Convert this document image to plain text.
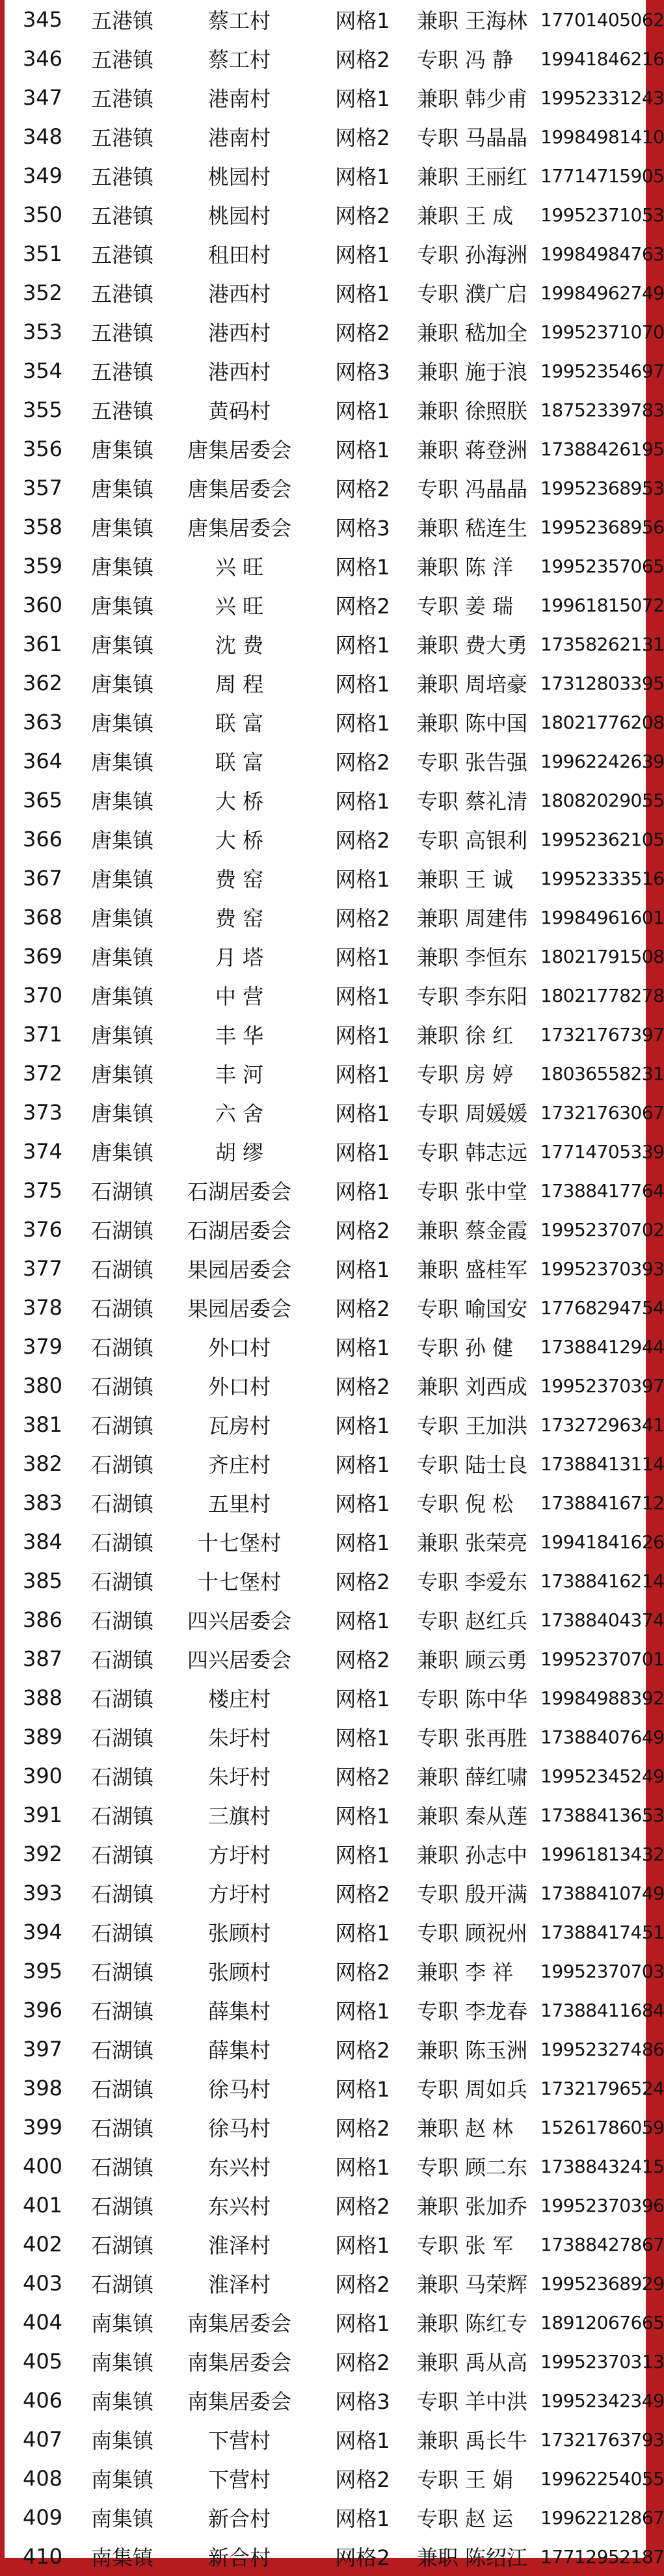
345	五港镇	蔡工村	网格1	兼职 王海林 17701405062
346	五港镇	蔡工村	网格2	专职 冯 静	19941846216
347	五港镇	港南村	网格1	兼职 韩少甫 19952331243
348	五港镇	港南村	网格2	专职 马晶晶 19984981410
349	五港镇	桃园村	网格1	兼职 王丽红 17714715905
350	五港镇	桃园村	网格2	兼职 王 成	19952371053
351	五港镇	租田村	网格1	专职 孙海洲 19984984763
352	五港镇	港西村	网格1	专职 濮广启 19984962749
353	五港镇	港西村	网格2	兼职 嵇加全 19952371070
354	五港镇	港西村	网格3	兼职 施于浪 19952354697
355	五港镇	黄码村	网格1	兼职 徐照朕 18752339783
356	唐集镇	唐集居委会	网格1	兼职 蒋登洲 17388426195
357	唐集镇	唐集居委会	网格2	专职 冯晶晶 19952368953
358	唐集镇	唐集居委会	网格3	兼职 嵇连生 19952368956
359	唐集镇	兴 旺	网格1	兼职 陈 洋	19952357065
360	唐集镇	兴 旺	网格2	专职 姜 瑞	19961815072
361	唐集镇	沈 费	网格1	兼职 费大勇 17358262131
362	唐集镇	周 程	网格1	兼职 周培豪 17312803395
363	唐集镇	联 富	网格1	兼职 陈中国 18021776208
364	唐集镇	联 富	网格2	专职 张告强 19962242639
365	唐集镇	大 桥	网格1	专职 蔡礼清 18082029055
366	唐集镇	大 桥	网格2	专职 高银利 19952362105
367	唐集镇	费 窑	网格1	兼职 王 诚	19952333516
368	唐集镇	费 窑	网格2	兼职 周建伟 19984961601
369	唐集镇	月 塔	网格1	兼职 李恒东 18021791508
370	唐集镇	中 营	网格1	专职 李东阳 18021778278
371	唐集镇	丰 华	网格1	兼职 徐 红	17321767397
372	唐集镇	丰 河	网格1	专职 房 婷	18036558231
373	唐集镇	六 舍	网格1	专职 周媛媛 17321763067
374	唐集镇	胡 缪	网格1	专职 韩志远 17714705339
375	石湖镇	石湖居委会	网格1	专职 张中堂 17388417764
376	石湖镇	石湖居委会	网格2	兼职 蔡金霞 19952370702
377	石湖镇	果园居委会	网格1	兼职 盛桂军 19952370393
378	石湖镇	果园居委会	网格2	专职 喻国安 17768294754
379	石湖镇	外口村	网格1	专职 孙 健	17388412944
380	石湖镇	外口村	网格2	兼职 刘西成 19952370397
381	石湖镇	瓦房村	网格1	专职 王加洪 17327296341
382	石湖镇	齐庄村	网格1	专职 陆士良 17388413114
383	石湖镇	五里村	网格1	专职 倪 松	17388416712
384	石湖镇	十七堡村	网格1	兼职 张荣亮 19941841626
385	石湖镇	十七堡村	网格2	专职 李爱东 17388416214
386	石湖镇	四兴居委会	网格1	专职 赵红兵 17388404374
387	石湖镇	四兴居委会	网格2	兼职 顾云勇 19952370701
388	石湖镇	楼庄村	网格1	专职 陈中华 19984988392
389	石湖镇	朱圩村	网格1	专职 张再胜 17388407649
390	石湖镇	朱圩村	网格2	兼职 薛红啸 19952345249
391	石湖镇	三旗村	网格1	兼职 秦从莲 17388413653
392	石湖镇	方圩村	网格1	兼职 孙志中 19961813432
393	石湖镇	方圩村	网格2	专职 殷开满 17388410749
394	石湖镇	张顾村	网格1	专职 顾祝州 17388417451
395	石湖镇	张顾村	网格2	兼职 李 祥	19952370703
396	石湖镇	薛集村	网格1	专职 李龙春 17388411684
397	石湖镇	薛集村	网格2	兼职 陈玉洲 19952327486
398	石湖镇	徐马村	网格1	专职 周如兵 17321796524
399	石湖镇	徐马村	网格2	兼职 赵 林	15261786059
400	石湖镇	东兴村	网格1	专职 顾二东 17388432415
401	石湖镇	东兴村	网格2	兼职 张加乔 19952370396
402	石湖镇	淮泽村	网格1	专职 张 军	17388427867
403	石湖镇	淮泽村	网格2	兼职 马荣辉 19952368929
404	南集镇	南集居委会	网格1	兼职 陈红专 18912067665
405	南集镇	南集居委会	网格2	兼职 禹从高 19952370313
406	南集镇	南集居委会	网格3	专职 羊中洪 19952342349
407	南集镇	下营村	网格1	兼职 禹长牛 17321763793
408	南集镇	下营村	网格2	专职 王 娟	19962254055
409	南集镇	新合村	网格1	专职 赵 运	19962212867
410	南集镇	新合村	网格2	兼职 陈绍江 17712952187
